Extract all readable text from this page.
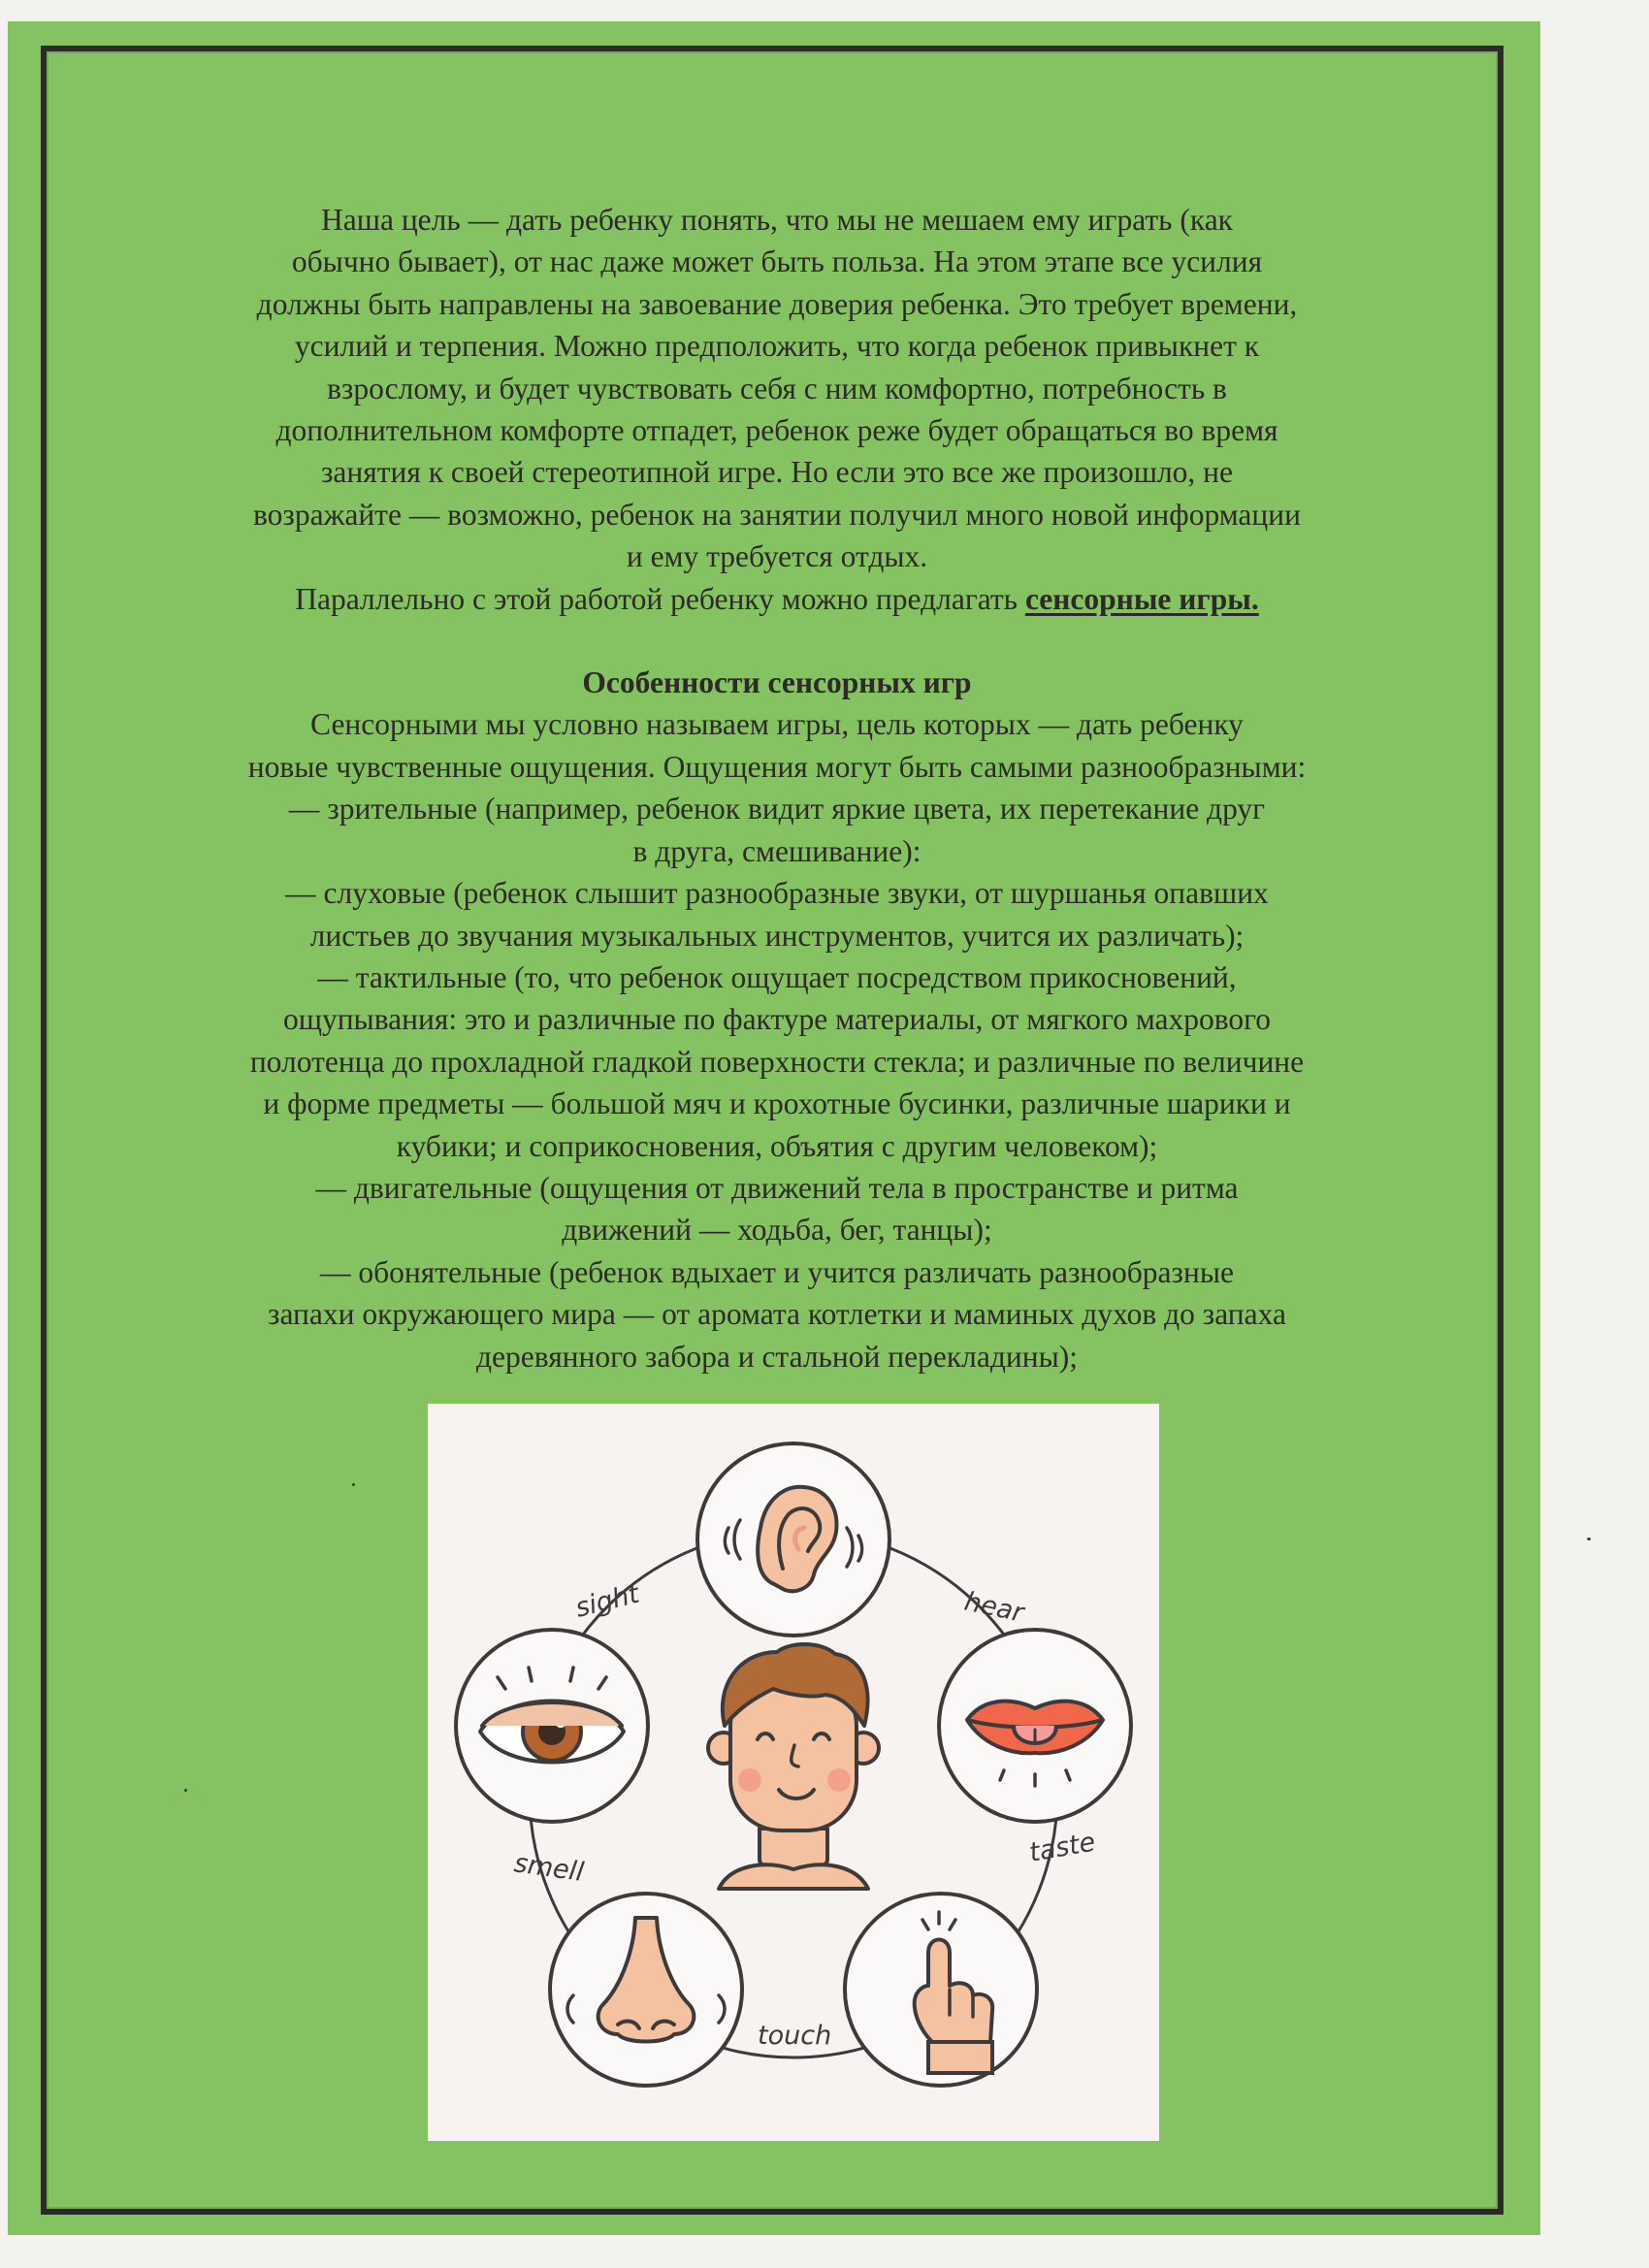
Наша цель — дать ребенку понять, что мы не мешаем ему играть (как
обычно бывает), от нас даже может быть польза. На этом этапе все усилия
должны быть направлены на завоевание доверия ребенка. Это требует времени,
усилий и терпения. Можно предположить, что когда ребенок привыкнет к
взрослому, и будет чувствовать себя с ним комфортно, потребность в
дополнительном комфорте отпадет, ребенок реже будет обращаться во время
занятия к своей стереотипной игре. Но если это все же произошло, не
возражайте — возможно, ребенок на занятии получил много новой информации
и ему требуется отдых.
Параллельно с этой работой ребенку можно предлагать сенсорные игры.
Особенности сенсорных игр
Сенсорными мы условно называем игры, цель которых — дать ребенку
новые чувственные ощущения. Ощущения могут быть самыми разнообразными:
— зрительные (например, ребенок видит яркие цвета, их перетекание друг
в друга, смешивание):
— слуховые (ребенок слышит разнообразные звуки, от шуршанья опавших
листьев до звучания музыкальных инструментов, учится их различать);
— тактильные (то, что ребенок ощущает посредством прикосновений,
ощупывания: это и различные по фактуре материалы, от мягкого махрового
полотенца до прохладной гладкой поверхности стекла; и различные по величине
и форме предметы — большой мяч и крохотные бусинки, различные шарики и
кубики; и соприкосновения, объятия с другим человеком);
— двигательные (ощущения от движений тела в пространстве и ритма
движений — ходьба, бег, танцы);
— обонятельные (ребенок вдыхает и учится различать разнообразные
запахи окружающего мира — от аромата котлетки и маминых духов до запаха
деревянного забора и стальной перекладины);
sight	hear
taste
smell
touch
